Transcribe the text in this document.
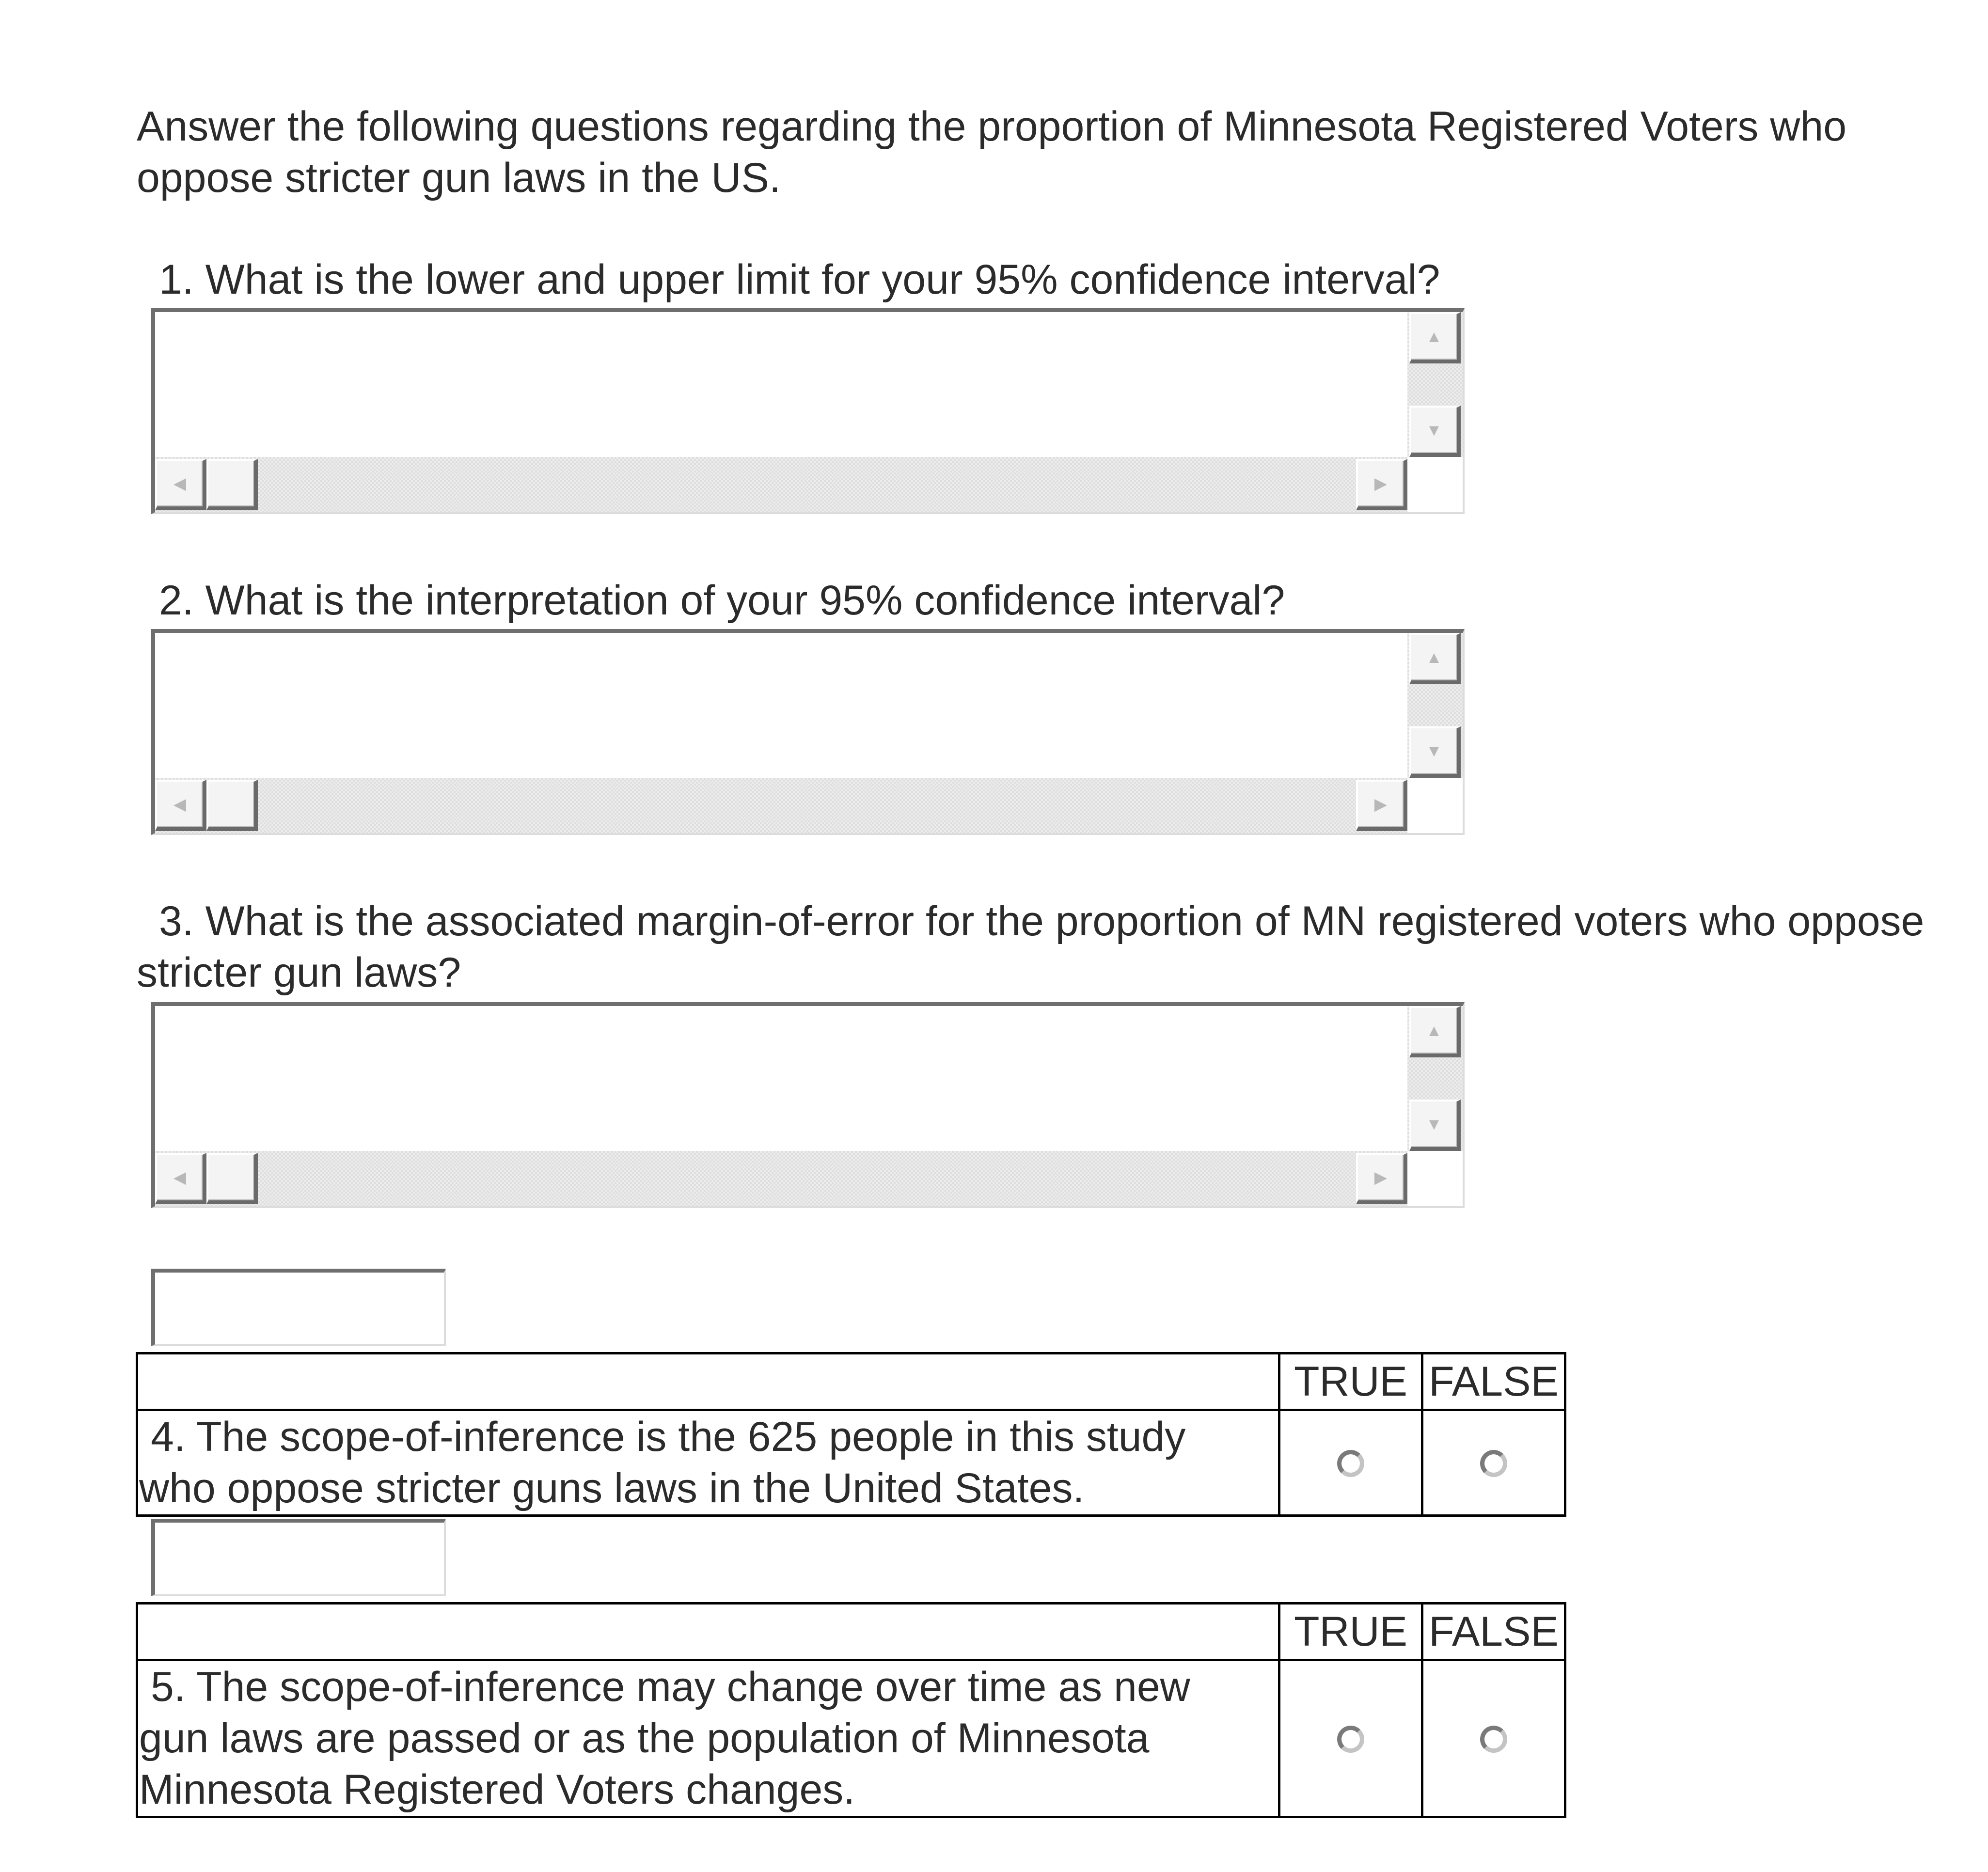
Answer the following questions regarding the proportion of Minnesota Registered Voters who
oppose stricter gun laws in the US.
1. What is the lower and upper limit for your 95% confidence interval?
▲
▼
◀	▶
2. What is the interpretation of your 95% confidence interval?
▲
▼
◀	▶
3. What is the associated margin-of-error for the proportion of MN registered voters who oppose
stricter gun laws?
▲
▼
◀	▶
	TRUE	FALSE

4. The scope-of-inference is the 625 people in this study
who oppose stricter guns laws in the United States.		

	TRUE	FALSE

5. The scope-of-inference may change over time as new
gun laws are passed or as the population of Minnesota
Minnesota Registered Voters changes.		
